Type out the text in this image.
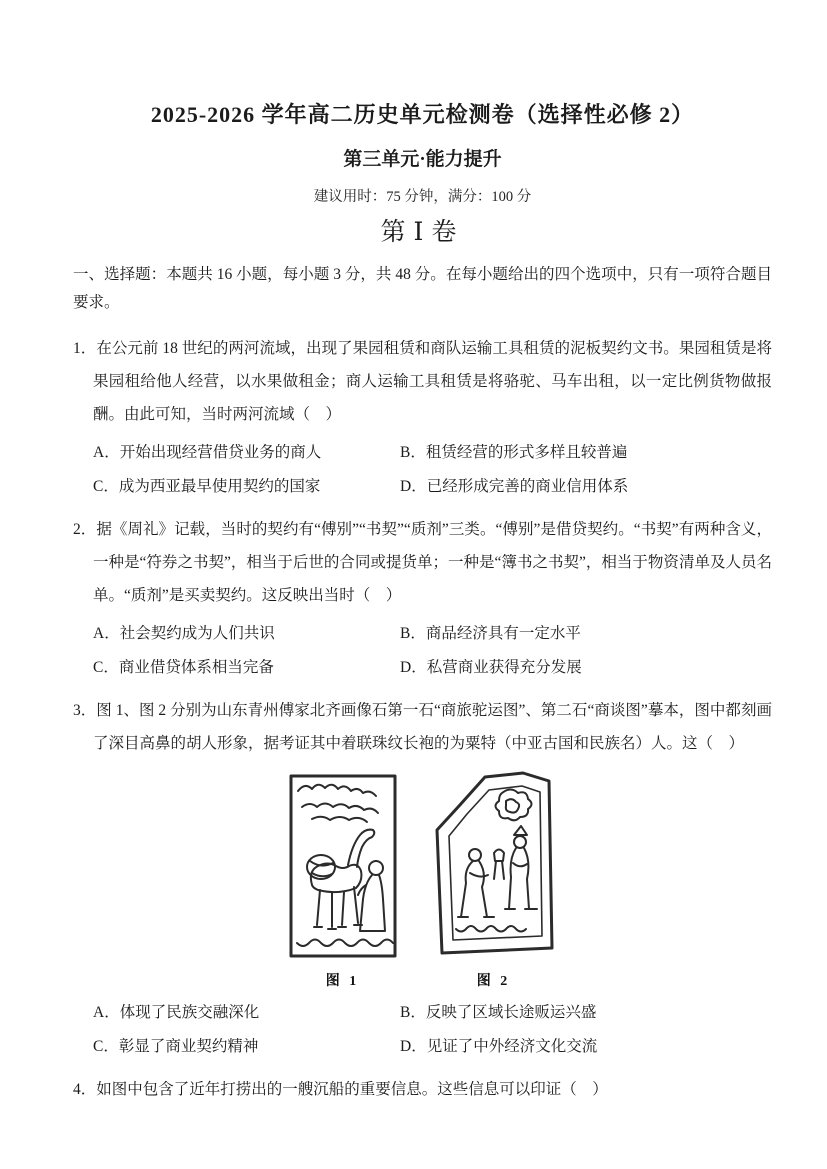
2025-2026 学年高二历史单元检测卷（选择性必修 2）
第三单元·能力提升

建议用时：75 分钟，满分：100 分

第Ⅰ卷

一、选择题：本题共 16 小题，每小题 3 分，共 48 分。在每小题给出的四个选项中，只有一项符合题目要求。

1．在公元前 18 世纪的两河流域，出现了果园租赁和商队运输工具租赁的泥板契约文书。果园租赁是将果园租给他人经营，以水果做租金；商人运输工具租赁是将骆驼、马车出租，以一定比例货物做报酬。由此可知，当时两河流域（　）

A．开始出现经营借贷业务的商人	B．租赁经营的形式多样且较普遍
C．成为西亚最早使用契约的国家	D．已经形成完善的商业信用体系

2．据《周礼》记载，当时的契约有“傅别”“书契”“质剂”三类。“傅别”是借贷契约。“书契”有两种含义，一种是“符券之书契”，相当于后世的合同或提货单；一种是“簿书之书契”，相当于物资清单及人员名单。“质剂”是买卖契约。这反映出当时（　）

A．社会契约成为人们共识	B．商品经济具有一定水平
C．商业借贷体系相当完备	D．私营商业获得充分发展

3．图 1、图 2 分别为山东青州傅家北齐画像石第一石“商旅驼运图”、第二石“商谈图”摹本，图中都刻画了深目高鼻的胡人形象，据考证其中着联珠纹长袍的为粟特（中亚古国和民族名）人。这（　）

图 1	图 2
A．体现了民族交融深化	B．反映了区域长途贩运兴盛
C．彰显了商业契约精神	D．见证了中外经济文化交流

4．如图中包含了近年打捞出的一艘沉船的重要信息。这些信息可以印证（　）
